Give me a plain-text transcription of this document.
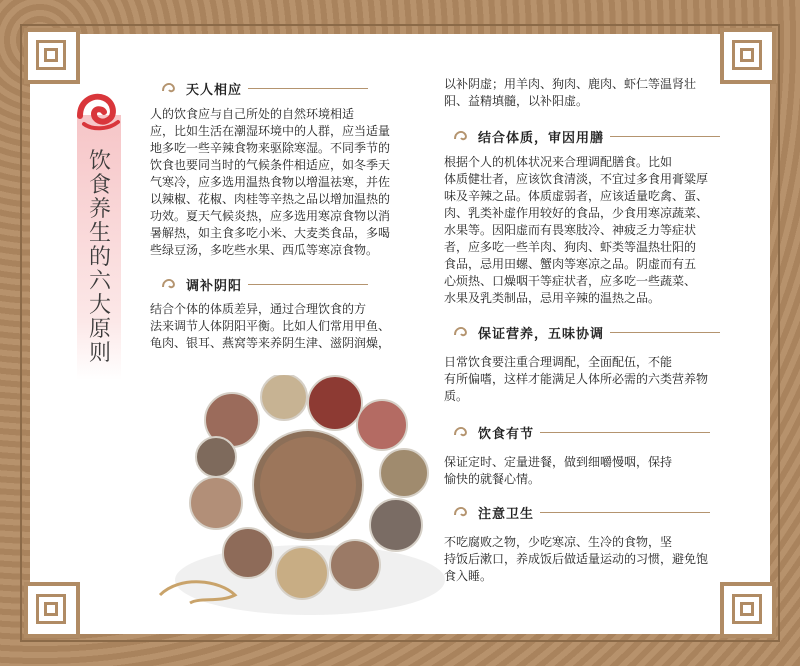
饮食养生的六大原则
天人相应
人的饮食应与自己所处的自然环境相适
应，比如生活在潮湿环境中的人群，应当适量
地多吃一些辛辣食物来驱除寒湿。不同季节的
饮食也要同当时的气候条件相适应，如冬季天
气寒冷，应多选用温热食物以增温祛寒，并佐
以辣椒、花椒、肉桂等辛热之品以增加温热的
功效。夏天气候炎热，应多选用寒凉食物以消
暑解热，如主食多吃小米、大麦类食品，多喝
些绿豆汤，多吃些水果、西瓜等寒凉食物。
调补阴阳
结合个体的体质差异，通过合理饮食的方
法来调节人体阴阳平衡。比如人们常用甲鱼、
龟肉、银耳、燕窝等来养阴生津、滋阴润燥，
以补阴虚；用羊肉、狗肉、鹿肉、虾仁等温肾壮
阳、益精填髓，以补阳虚。
结合体质，审因用膳
根据个人的机体状况来合理调配膳食。比如
体质健壮者，应该饮食清淡，不宜过多食用膏粱厚
味及辛辣之品。体质虚弱者，应该适量吃禽、蛋、
肉、乳类补虚作用较好的食品，少食用寒凉蔬菜、
水果等。因阳虚而有畏寒肢冷、神疲乏力等症状
者，应多吃一些羊肉、狗肉、虾类等温热壮阳的
食品，忌用田螺、蟹肉等寒凉之品。阴虚而有五
心烦热、口燥咽干等症状者，应多吃一些蔬菜、
水果及乳类制品，忌用辛辣的温热之品。
保证营养，五味协调
日常饮食要注重合理调配，全面配伍，不能
有所偏嗜，这样才能满足人体所必需的六类营养物
质。
饮食有节
保证定时、定量进餐，做到细嚼慢咽，保持
愉快的就餐心情。
注意卫生
不吃腐败之物，少吃寒凉、生冷的食物，坚
持饭后漱口，养成饭后做适量运动的习惯，避免饱
食入睡。
